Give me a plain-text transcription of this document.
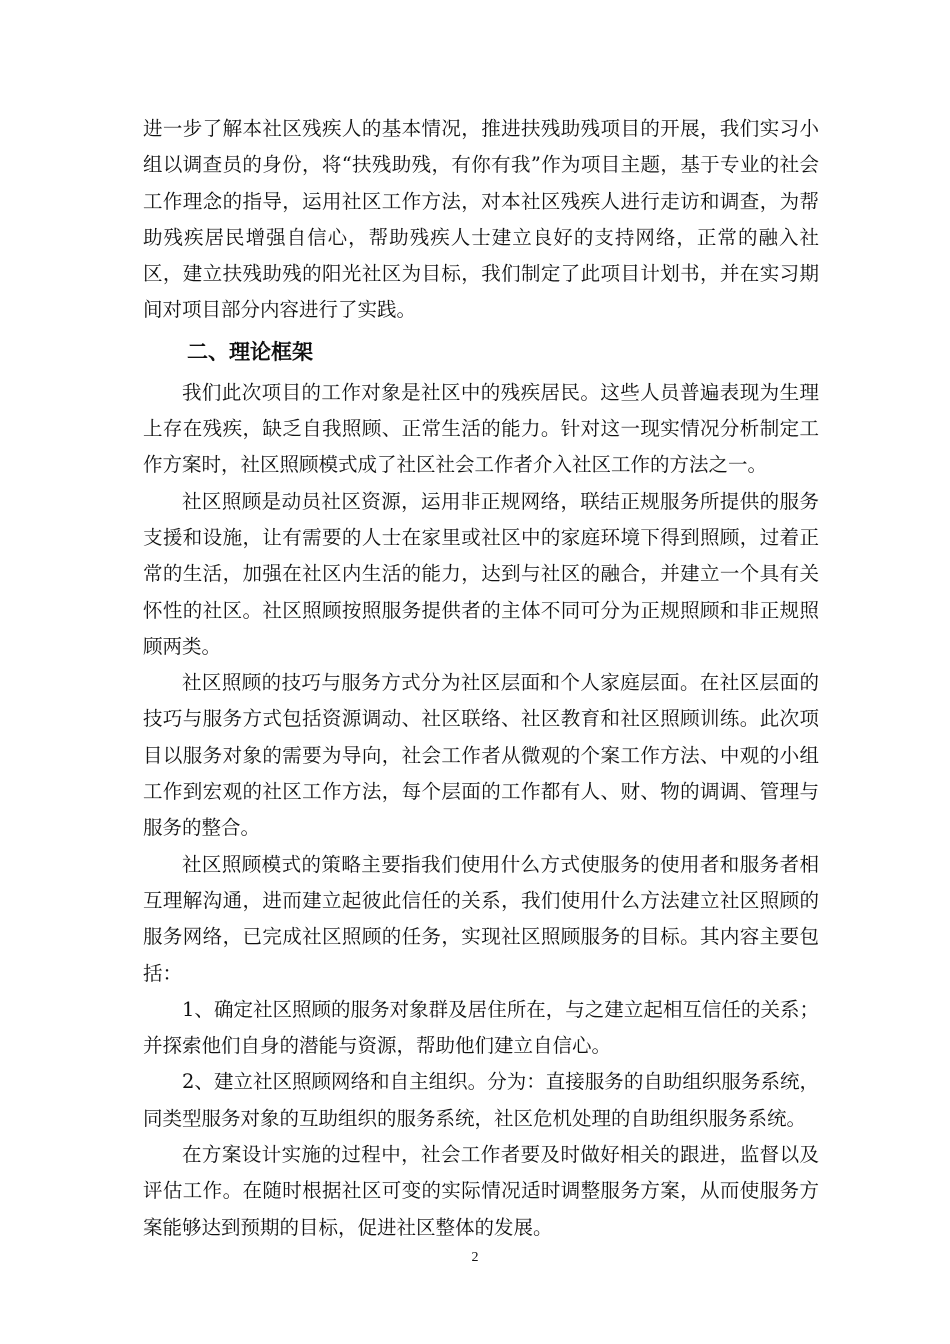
进一步了解本社区残疾人的基本情况，推进扶残助残项目的开展，我们实习小组以调查员的身份，将“扶残助残，有你有我”作为项目主题，基于专业的社会工作理念的指导，运用社区工作方法，对本社区残疾人进行走访和调查，为帮助残疾居民增强自信心，帮助残疾人士建立良好的支持网络，正常的融入社区，建立扶残助残的阳光社区为目标，我们制定了此项目计划书，并在实习期间对项目部分内容进行了实践。

二、理论框架

我们此次项目的工作对象是社区中的残疾居民。这些人员普遍表现为生理上存在残疾，缺乏自我照顾、正常生活的能力。针对这一现实情况分析制定工作方案时，社区照顾模式成了社区社会工作者介入社区工作的方法之一。

社区照顾是动员社区资源，运用非正规网络，联结正规服务所提供的服务支援和设施，让有需要的人士在家里或社区中的家庭环境下得到照顾，过着正常的生活，加强在社区内生活的能力，达到与社区的融合，并建立一个具有关怀性的社区。社区照顾按照服务提供者的主体不同可分为正规照顾和非正规照顾两类。

社区照顾的技巧与服务方式分为社区层面和个人家庭层面。在社区层面的技巧与服务方式包括资源调动、社区联络、社区教育和社区照顾训练。此次项目以服务对象的需要为导向，社会工作者从微观的个案工作方法、中观的小组工作到宏观的社区工作方法，每个层面的工作都有人、财、物的调调、管理与服务的整合。

社区照顾模式的策略主要指我们使用什么方式使服务的使用者和服务者相互理解沟通，进而建立起彼此信任的关系，我们使用什么方法建立社区照顾的服务网络，已完成社区照顾的任务，实现社区照顾服务的目标。其内容主要包括：

1、确定社区照顾的服务对象群及居住所在，与之建立起相互信任的关系；并探索他们自身的潜能与资源，帮助他们建立自信心。

2、建立社区照顾网络和自主组织。分为：直接服务的自助组织服务系统，同类型服务对象的互助组织的服务系统，社区危机处理的自助组织服务系统。

在方案设计实施的过程中，社会工作者要及时做好相关的跟进，监督以及评估工作。在随时根据社区可变的实际情况适时调整服务方案，从而使服务方案能够达到预期的目标，促进社区整体的发展。

2
